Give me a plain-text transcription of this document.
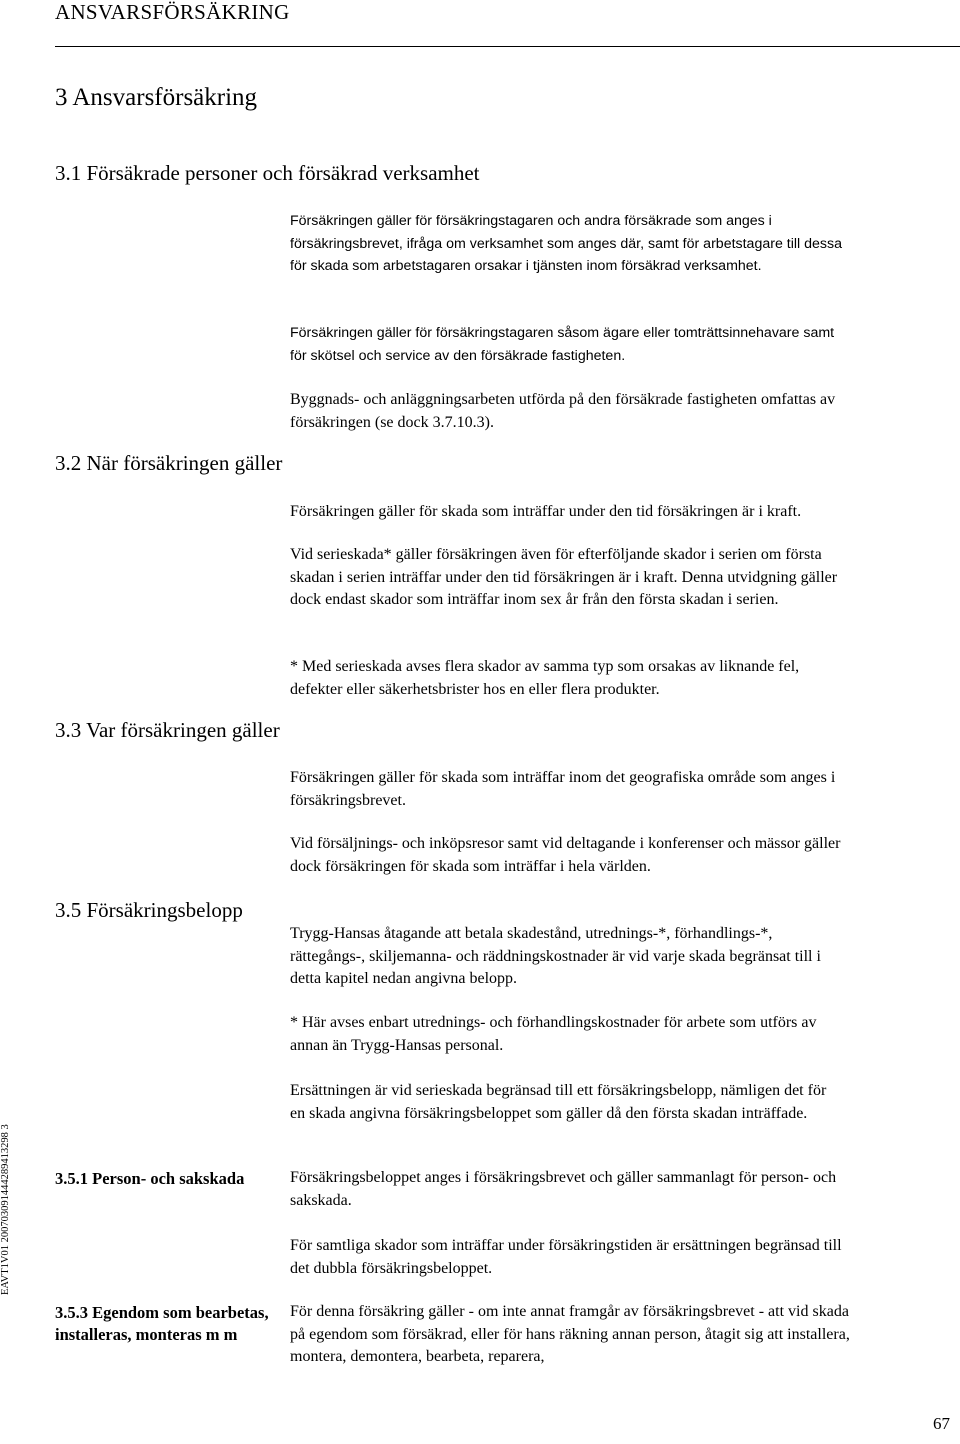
ANSVARSFÖRSÄKRING
3 Ansvarsförsäkring
3.1 Försäkrade personer och försäkrad verksamhet

Försäkringen gäller för försäkringstagaren och andra försäkrade som anges i försäkringsbrevet, ifråga om verksamhet som anges där, samt för arbetstagare till dessa för skada som arbetstagaren orsakar i tjänsten inom försäkrad verksamhet.

Försäkringen gäller för försäkringstagaren såsom ägare eller tomträttsinnehavare samt för skötsel och service av den försäkrade fastigheten.

Byggnads- och anläggningsarbeten utförda på den försäkrade fastigheten omfattas av försäkringen (se dock 3.7.10.3).

3.2 När försäkringen gäller

Försäkringen gäller för skada som inträffar under den tid försäkringen är i kraft.

Vid serieskada* gäller försäkringen även för efterföljande skador i serien om första skadan i serien inträffar under den tid försäkringen är i kraft. Denna utvidgning gäller dock endast skador som inträffar inom sex år från den första skadan i serien.

* Med serieskada avses flera skador av samma typ som orsakas av liknande fel, defekter eller säkerhetsbrister hos en eller flera produkter.

3.3 Var försäkringen gäller

Försäkringen gäller för skada som inträffar inom det geografiska område som anges i försäkringsbrevet.

Vid försäljnings- och inköpsresor samt vid deltagande i konferenser och mässor gäller dock försäkringen för skada som inträffar i hela världen.

3.5 Försäkringsbelopp

Trygg-Hansas åtagande att betala skadestånd, utrednings-*, förhandlings-*, rättegångs-, skiljemanna- och räddningskostnader är vid varje skada begränsat till i detta kapitel nedan angivna belopp.

* Här avses enbart utrednings- och förhandlingskostnader för arbete som utförs av annan än Trygg-Hansas personal.

Ersättningen är vid serieskada begränsad till ett försäkringsbelopp, nämligen det för en skada angivna försäkringsbeloppet som gäller då den första skadan inträffade.

3.5.1 Person- och sakskada	Försäkringsbeloppet anges i försäkringsbrevet och gäller sammanlagt för person- och sakskada.

För samtliga skador som inträffar under försäkringstiden är ersättningen begränsad till det dubbla försäkringsbeloppet.

3.5.3 Egendom som bearbetas, installeras, monteras m m

För denna försäkring gäller - om inte annat framgår av försäkringsbrevet - att vid skada på egendom som försäkrad, eller för hans räkning annan person, åtagit sig att installera, montera, demontera, bearbeta, reparera,

EAVT1V01 200703091444289413298 3
67
